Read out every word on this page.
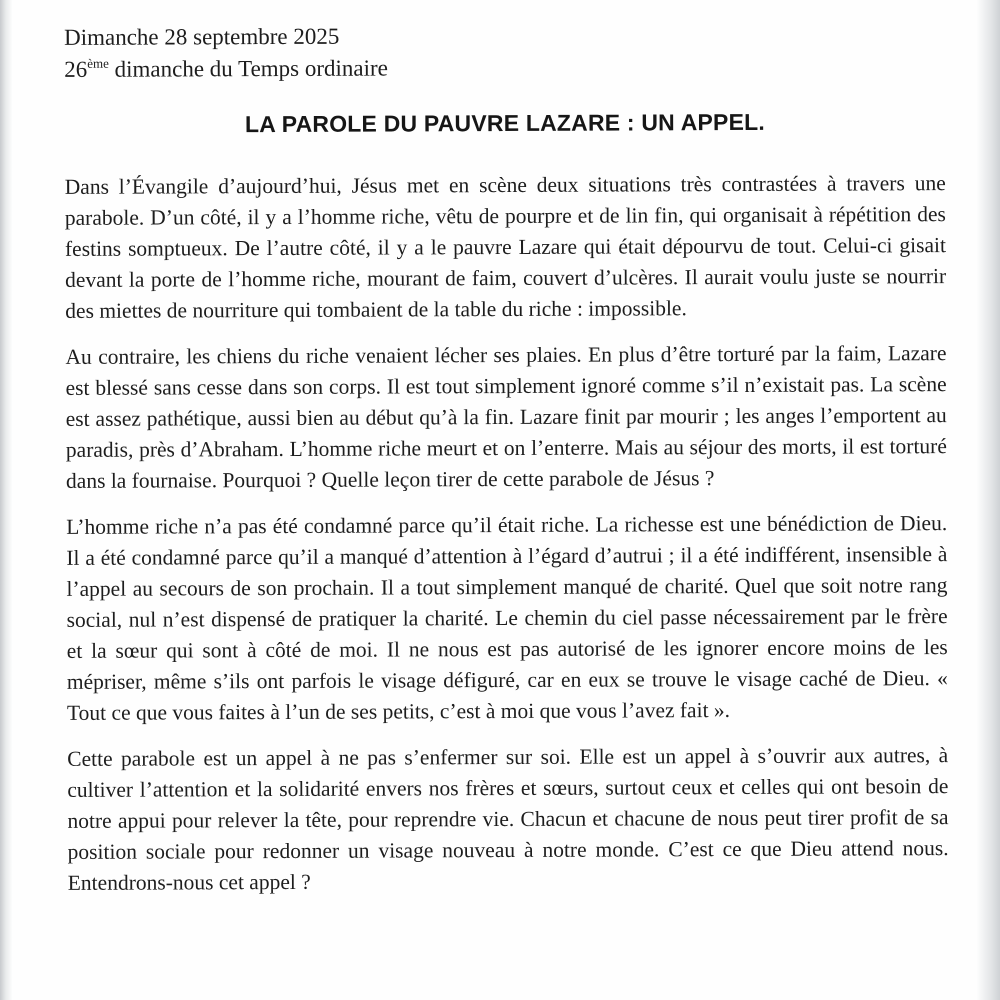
Dimanche 28 septembre 2025
26ème dimanche du Temps ordinaire
LA PAROLE DU PAUVRE LAZARE : UN APPEL.

Dans l’Évangile d’aujourd’hui, Jésus met en scène deux situations très contrastées à travers une parabole. D’un côté, il y a l’homme riche, vêtu de pourpre et de lin fin, qui organisait à répétition des festins somptueux. De l’autre côté, il y a le pauvre Lazare qui était dépourvu de tout. Celui-ci gisait devant la porte de l’homme riche, mourant de faim, couvert d’ulcères. Il aurait voulu juste se nourrir des miettes de nourriture qui tombaient de la table du riche : impossible.

Au contraire, les chiens du riche venaient lécher ses plaies. En plus d’être torturé par la faim, Lazare est blessé sans cesse dans son corps. Il est tout simplement ignoré comme s’il n’existait pas. La scène est assez pathétique, aussi bien au début qu’à la fin. Lazare finit par mourir ; les anges l’emportent au paradis, près d’Abraham. L’homme riche meurt et on l’enterre. Mais au séjour des morts, il est torturé dans la fournaise. Pourquoi ? Quelle leçon tirer de cette parabole de Jésus ?

L’homme riche n’a pas été condamné parce qu’il était riche. La richesse est une bénédiction de Dieu. Il a été condamné parce qu’il a manqué d’attention à l’égard d’autrui ; il a été indifférent, insensible à l’appel au secours de son prochain. Il a tout simplement manqué de charité. Quel que soit notre rang social, nul n’est dispensé de pratiquer la charité. Le chemin du ciel passe nécessairement par le frère et la sœur qui sont à côté de moi. Il ne nous est pas autorisé de les ignorer encore moins de les mépriser, même s’ils ont parfois le visage défiguré, car en eux se trouve le visage caché de Dieu. « Tout ce que vous faites à l’un de ses petits, c’est à moi que vous l’avez fait ».

Cette parabole est un appel à ne pas s’enfermer sur soi. Elle est un appel à s’ouvrir aux autres, à cultiver l’attention et la solidarité envers nos frères et sœurs, surtout ceux et celles qui ont besoin de notre appui pour relever la tête, pour reprendre vie. Chacun et chacune de nous peut tirer profit de sa position sociale pour redonner un visage nouveau à notre monde. C’est ce que Dieu attend nous. Entendrons-nous cet appel ?
